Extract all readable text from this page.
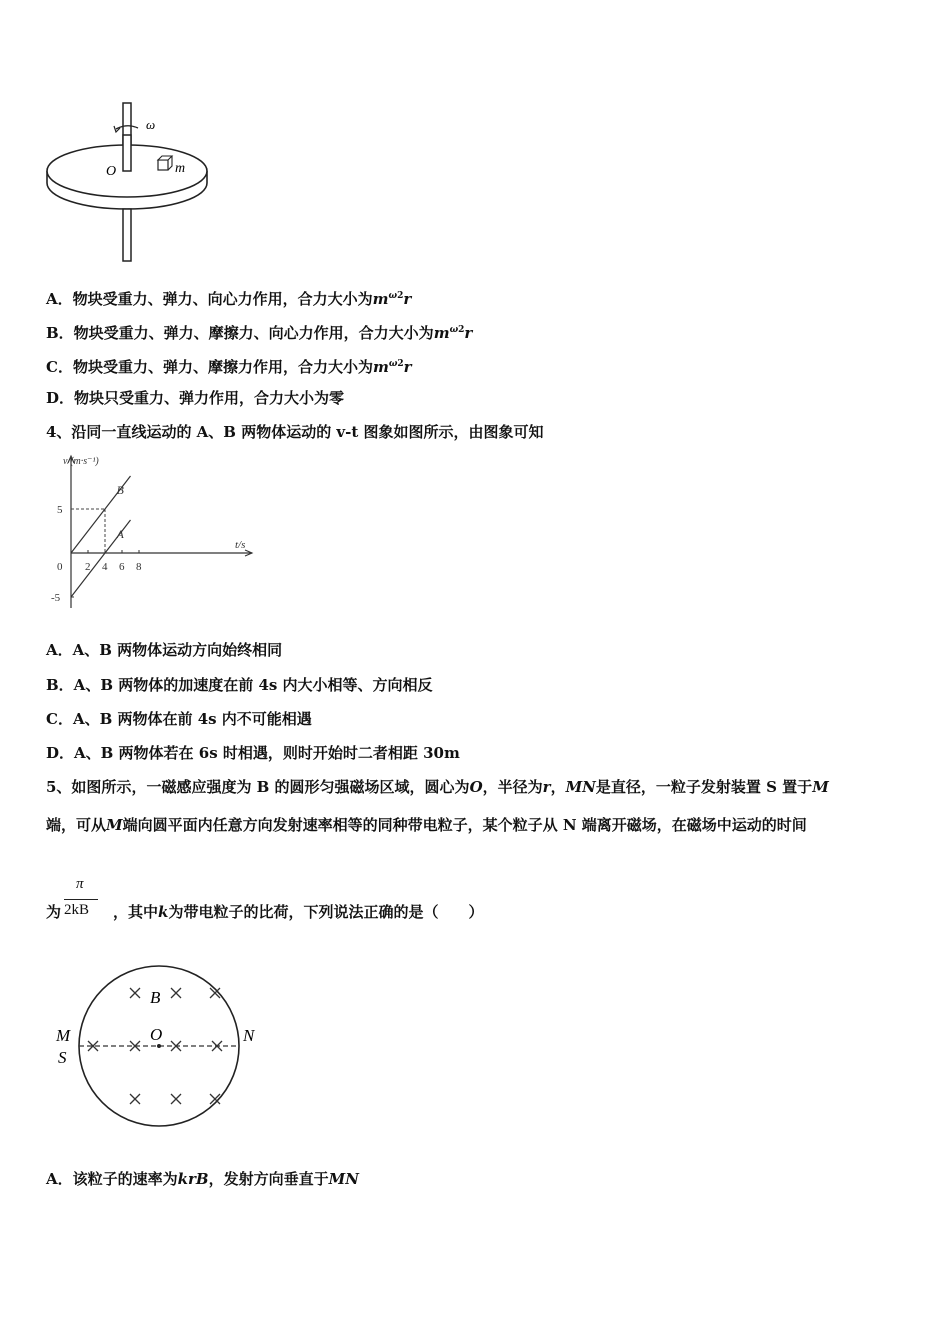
ω
O	m
A．物块受重力、弹力、向心力作用，合力大小为$m^{\omega 2}r$
B．物块受重力、弹力、摩擦力、向心力作用，合力大小为$m^{\omega 2}r$
C．物块受重力、弹力、摩擦力作用，合力大小为$m^{\omega 2}r$
D．物块只受重力、弹力作用，合力大小为零
4、沿同一直线运动的 A、B 两物体运动的 v-t 图象如图所示，由图象可知
v/(m·s⁻¹)
t/s
0 2 4 6 8
5
-5
B
A
A．A、B 两物体运动方向始终相同
B．A、B 两物体的加速度在前 4s 内大小相等、方向相反
C．A、B 两物体在前 4s 内不可能相遇
D．A、B 两物体若在 6s 时相遇，则时开始时二者相距 30m
5、如图所示，一磁感应强度为 B 的圆形匀强磁场区域，圆心为O，半径为r，MN是直径，一粒子发射装置 S 置于M
端，可从M端向圆平面内任意方向发射速率相等的同种带电粒子，某个粒子从 N 端离开磁场，在磁场中运动的时间
π
2kB
为	，其中k为带电粒子的比荷，下列说法正确的是（　　）
B
O
M
S
N
A．该粒子的速率为krB，发射方向垂直于MN
